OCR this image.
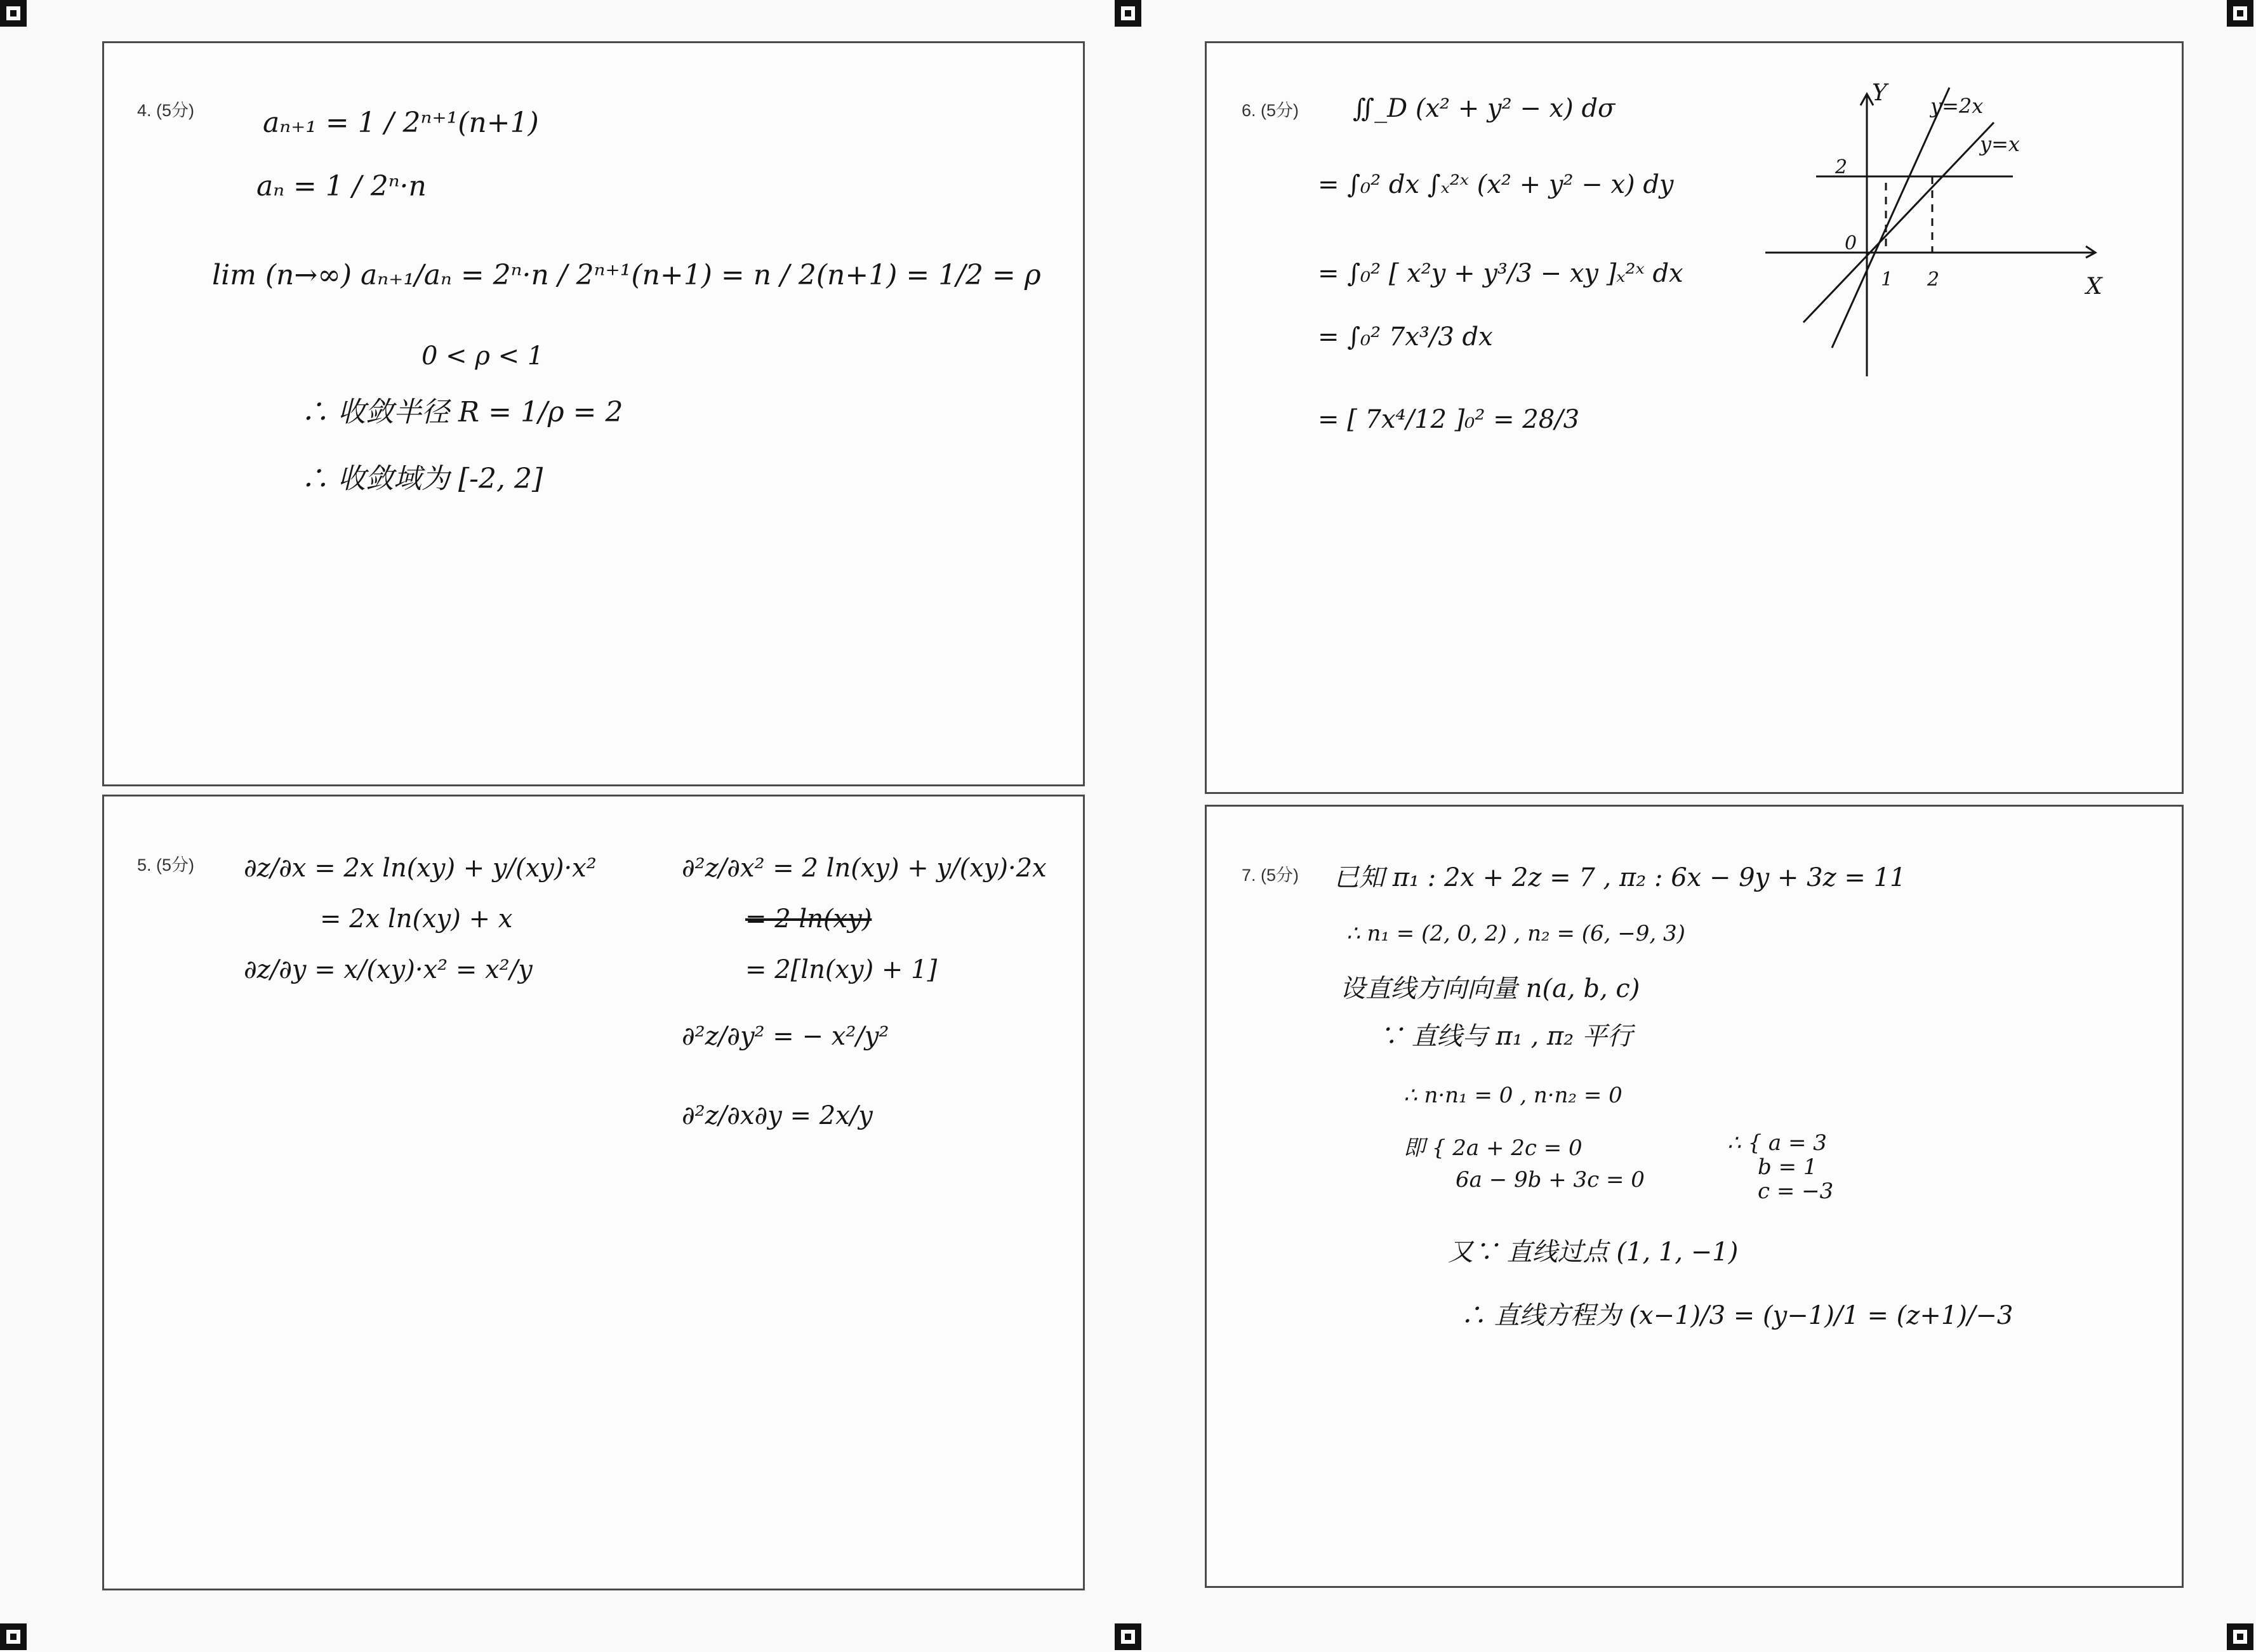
4. (5分) aₙ₊₁ = 1 / 2ⁿ⁺¹(n+1)
aₙ = 1 / 2ⁿ·n
lim (n→∞) aₙ₊₁/aₙ = 2ⁿ·n / 2ⁿ⁺¹(n+1) = n / 2(n+1) = 1/2 = ρ
0 < ρ < 1
∴ 收敛半径 R = 1/ρ = 2
∴ 收敛域为 [-2, 2]
5. (5分) ∂z/∂x = 2x ln(xy) + y/(xy)·x²
= 2x ln(xy) + x
∂z/∂y = x/(xy)·x² = x²/y
∂²z/∂x² = 2 ln(xy) + y/(xy)·2x
= 2 ln(xy)
= 2[ln(xy) + 1]
∂²z/∂y² = − x²/y²
∂²z/∂x∂y = 2x/y
6. (5分) ∬_D (x² + y² − x) dσ
= ∫₀² dx ∫ₓ²ˣ (x² + y² − x) dy
= ∫₀² [ x²y + y³/3 − xy ]ₓ²ˣ dx
= ∫₀² 7x³/3 dx
= [ 7x⁴/12 ]₀² = 28/3
Y
X
0
y=2x
y=x
1 2
2
7. (5分) 已知 π₁ : 2x + 2z = 7 , π₂ : 6x − 9y + 3z = 11
∴ n₁ = (2, 0, 2) , n₂ = (6, −9, 3)
设直线方向向量 n(a, b, c)
∵ 直线与 π₁ , π₂ 平行
∴ n·n₁ = 0 , n·n₂ = 0
即 { 2a + 2c = 0
6a − 9b + 3c = 0
∴ { a = 3
b = 1
c = −3
又∵ 直线过点 (1, 1, −1)
∴ 直线方程为 (x−1)/3 = (y−1)/1 = (z+1)/−3
